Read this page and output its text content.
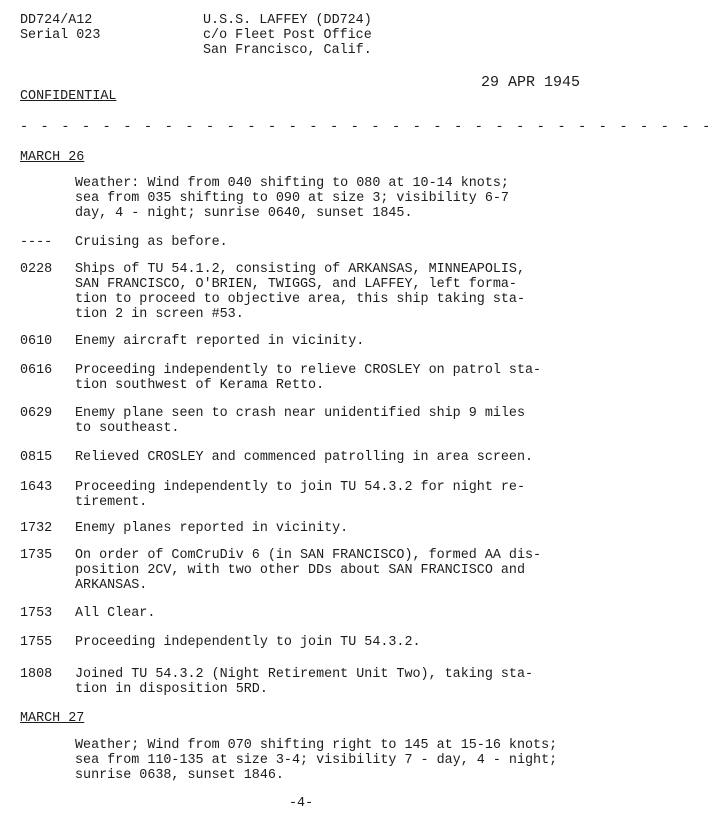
DD724/A12
Serial 023
U.S.S. LAFFEY (DD724)
c/o Fleet Post Office
San Francisco, Calif.
29 APR 1945
CONFIDENTIAL
- - - - - - - - - - - - - - - - - - - - - - - - - - - - - - - - - -
MARCH 26
Weather: Wind from 040 shifting to 080 at 10-14 knots;
sea from 035 shifting to 090 at size 3; visibility 6-7
day, 4 - night; sunrise 0640, sunset 1845.
----	Cruising as before.
0228	Ships of TU 54.1.2, consisting of ARKANSAS, MINNEAPOLIS,
SAN FRANCISCO, O'BRIEN, TWIGGS, and LAFFEY, left forma-
tion to proceed to objective area, this ship taking sta-
tion 2 in screen #53.
0610	Enemy aircraft reported in vicinity.
0616	Proceeding independently to relieve CROSLEY on patrol sta-
tion southwest of Kerama Retto.
0629	Enemy plane seen to crash near unidentified ship 9 miles
to southeast.
0815	Relieved CROSLEY and commenced patrolling in area screen.
1643	Proceeding independently to join TU 54.3.2 for night re-
tirement.
1732	Enemy planes reported in vicinity.
1735	On order of ComCruDiv 6 (in SAN FRANCISCO), formed AA dis-
position 2CV, with two other DDs about SAN FRANCISCO and
ARKANSAS.
1753	All Clear.
1755	Proceeding independently to join TU 54.3.2.
1808	Joined TU 54.3.2 (Night Retirement Unit Two), taking sta-
tion in disposition 5RD.
MARCH 27
Weather; Wind from 070 shifting right to 145 at 15-16 knots;
sea from 110-135 at size 3-4; visibility 7 - day, 4 - night;
sunrise 0638, sunset 1846.
-4-
